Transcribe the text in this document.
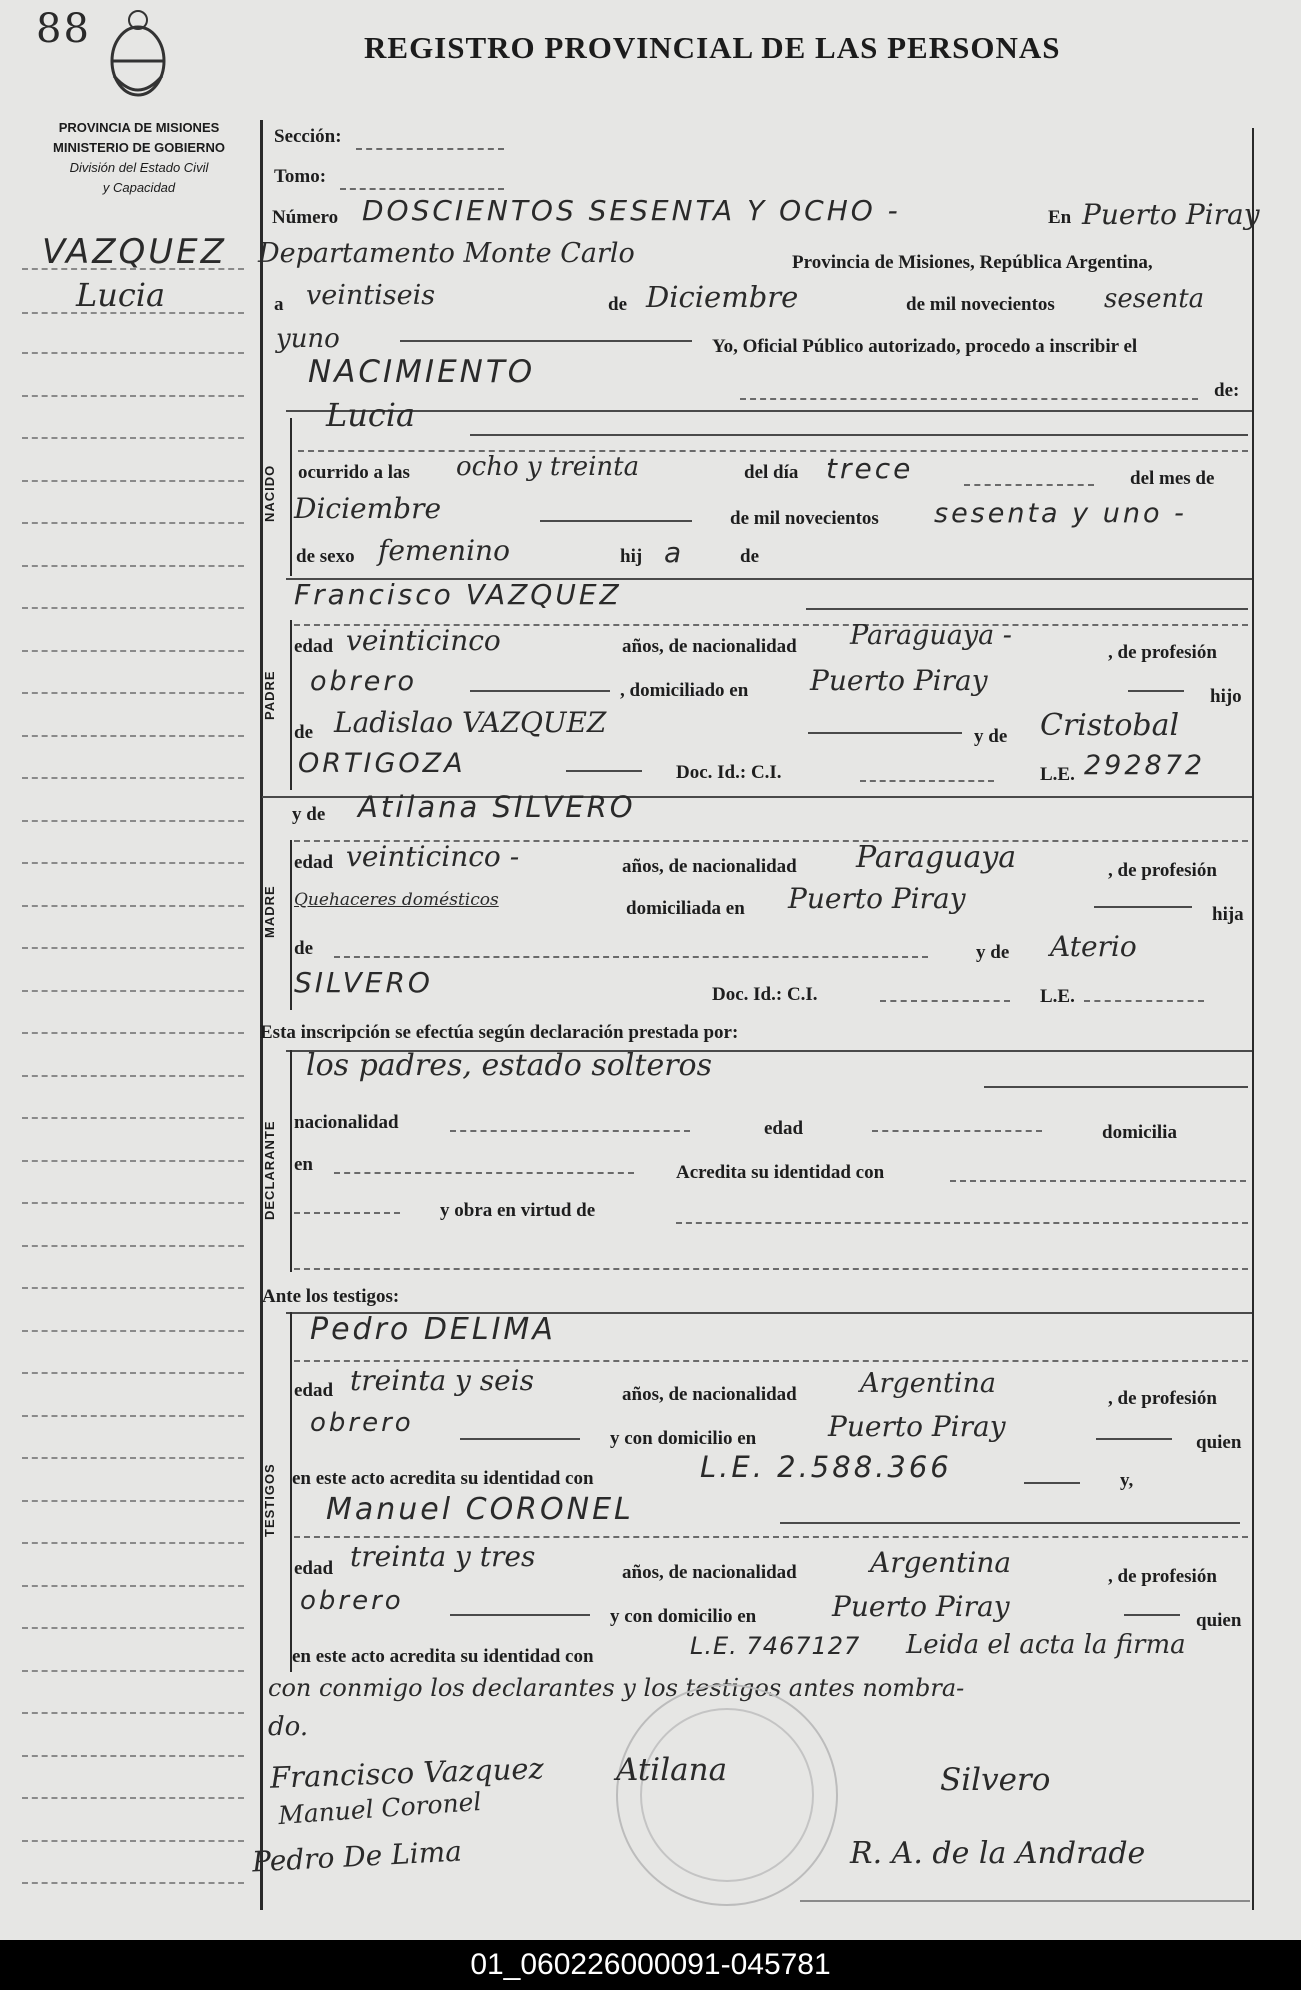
88	REGISTRO PROVINCIAL DE LAS PERSONAS
PROVINCIA DE MISIONES
MINISTERIO DE GOBIERNO
División del Estado Civil
y Capacidad
VAZQUEZ
Lucia
Sección:
Tomo:
Número DOSCIENTOS SESENTA Y OCHO -	En Puerto Piray
Departamento Monte Carlo	Provincia de Misiones, República Argentina,
a veintiseis	de Diciembre	de mil novecientos sesenta
yuno	Yo, Oficial Público autorizado, procedo a inscribir el
NACIMIENTO
de:
NACIDO
Lucia
ocurrido a las ocho y treinta	del día trece	del mes de
Diciembre	de mil novecientos sesenta y uno -
de sexo femenino	hij a	de
PADRE
Francisco VAZQUEZ
edad veinticinco	años, de nacionalidad Paraguaya -
, de profesión
obrero	, domiciliado en Puerto Piray	hijo
de Ladislao VAZQUEZ	y de Cristobal
ORTIGOZA	Doc. Id.: C.I.	L.E. 292872
MADRE
y de Atilana SILVERO
edad veinticinco -	años, de nacionalidad Paraguaya	, de profesión
Quehaceres domésticos	domiciliada en Puerto Piray	hija
de	y de Aterio
SILVERO	Doc. Id.: C.I.	L.E.
Esta inscripción se efectúa según declaración prestada por:
DECLARANTE
los padres, estado solteros
nacionalidad	edad	domicilia
en	Acredita su identidad con
y obra en virtud de
Ante los testigos:
TESTIGOS
Pedro DELIMA
edad treinta y seis	años, de nacionalidad Argentina	, de profesión
obrero
y con domicilio en	Puerto Piray	quien
en este acto acredita su identidad con	L.E. 2.588.366	y,
Manuel CORONEL
edad treinta y tres	años, de nacionalidad	Argentina	, de profesión
obrero
y con domicilio en	Puerto Piray	quien
en este acto acredita su identidad con	L.E. 7467127 Leida el acta la firma
con conmigo los declarantes y los testigos antes nombra-
do.
Francisco Vazquez Atilana	Silvero
Manuel Coronel
Pedro De Lima	R. A. de la Andrade
01_060226000091-045781
